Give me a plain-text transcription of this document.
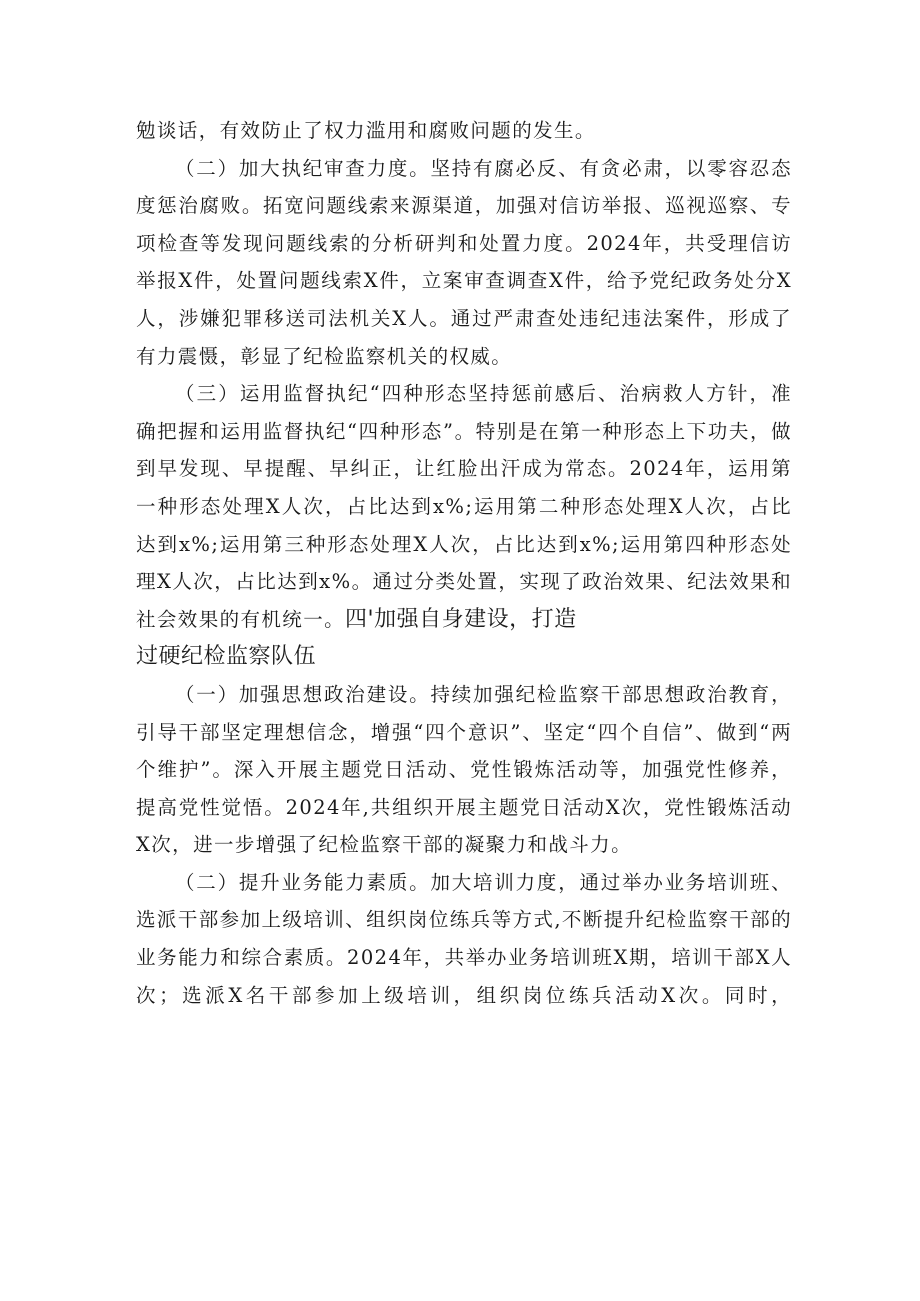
勉谈话，有效防止了权力滥用和腐败问题的发生。

（二）加大执纪审查力度。坚持有腐必反、有贪必肃，以零容忍态度惩治腐败。拓宽问题线索来源渠道，加强对信访举报、巡视巡察、专项检查等发现问题线索的分析研判和处置力度。2024年，共受理信访举报X件，处置问题线索X件，立案审查调查X件，给予党纪政务处分X人，涉嫌犯罪移送司法机关X人。通过严肃查处违纪违法案件，形成了有力震慑，彰显了纪检监察机关的权威。

（三）运用监督执纪“四种形态坚持惩前感后、治病救人方针，准确把握和运用监督执纪“四种形态”。特别是在第一种形态上下功夫，做到早发现、早提醒、早纠正，让红脸出汗成为常态。2024年，运用第一种形态处理X人次，占比达到x%;运用第二种形态处理X人次，占比达到x%;运用第三种形态处理X人次，占比达到x%;运用第四种形态处理X人次，占比达到x%。通过分类处置，实现了政治效果、纪法效果和社会效果的有机统一。四'加强自身建设，打造

过硬纪检监察队伍

（一）加强思想政治建设。持续加强纪检监察干部思想政治教育，引导干部坚定理想信念，增强“四个意识”、坚定“四个自信”、做到“两个维护”。深入开展主题党日活动、党性锻炼活动等，加强党性修养，提高党性觉悟。2024年,共组织开展主题党日活动X次，党性锻炼活动X次，进一步增强了纪检监察干部的凝聚力和战斗力。

（二）提升业务能力素质。加大培训力度，通过举办业务培训班、选派干部参加上级培训、组织岗位练兵等方式,不断提升纪检监察干部的业务能力和综合素质。2024年，共举办业务培训班X期，培训干部X人次；选派X名干部参加上级培训，组织岗位练兵活动X次。同时，
